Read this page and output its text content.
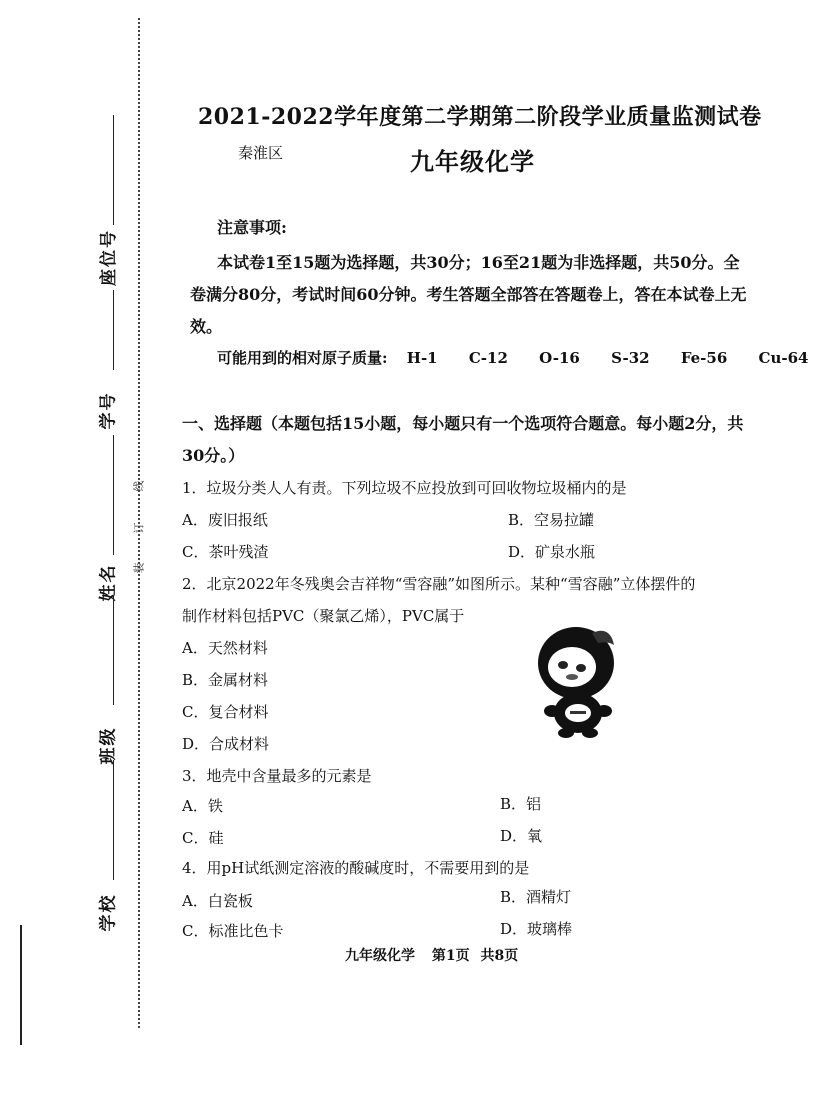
座位号
学号
姓名
班级
学校
装
订
线
2021-2022学年度第二学期第二阶段学业质量监测试卷
秦淮区	九年级化学
注意事项:
本试卷1至15题为选择题，共30分；16至21题为非选择题，共50分。全卷满分80分，考试时间60分钟。考生答题全部答在答题卷上，答在本试卷上无效。
可能用到的相对原子质量: H-1 C-12 O-16 S-32 Fe-56 Cu-64
一、选择题（本题包括15小题，每小题只有一个选项符合题意。每小题2分，共30分。）
1．垃圾分类人人有责。下列垃圾不应投放到可回收物垃圾桶内的是
A．废旧报纸	B．空易拉罐
C．茶叶残渣	D．矿泉水瓶
2．北京2022年冬残奥会吉祥物“雪容融”如图所示。某种“雪容融”立体摆件的
制作材料包括PVC（聚氯乙烯），PVC属于
A．天然材料
B．金属材料
C．复合材料
D．合成材料
3．地壳中含量最多的元素是
A．铁	B．铝
C．硅	D．氧
4．用pH试纸测定溶液的酸碱度时，不需要用到的是
A．白瓷板	B．酒精灯
C．标准比色卡	D．玻璃棒
九年级化学 第1页 共8页
